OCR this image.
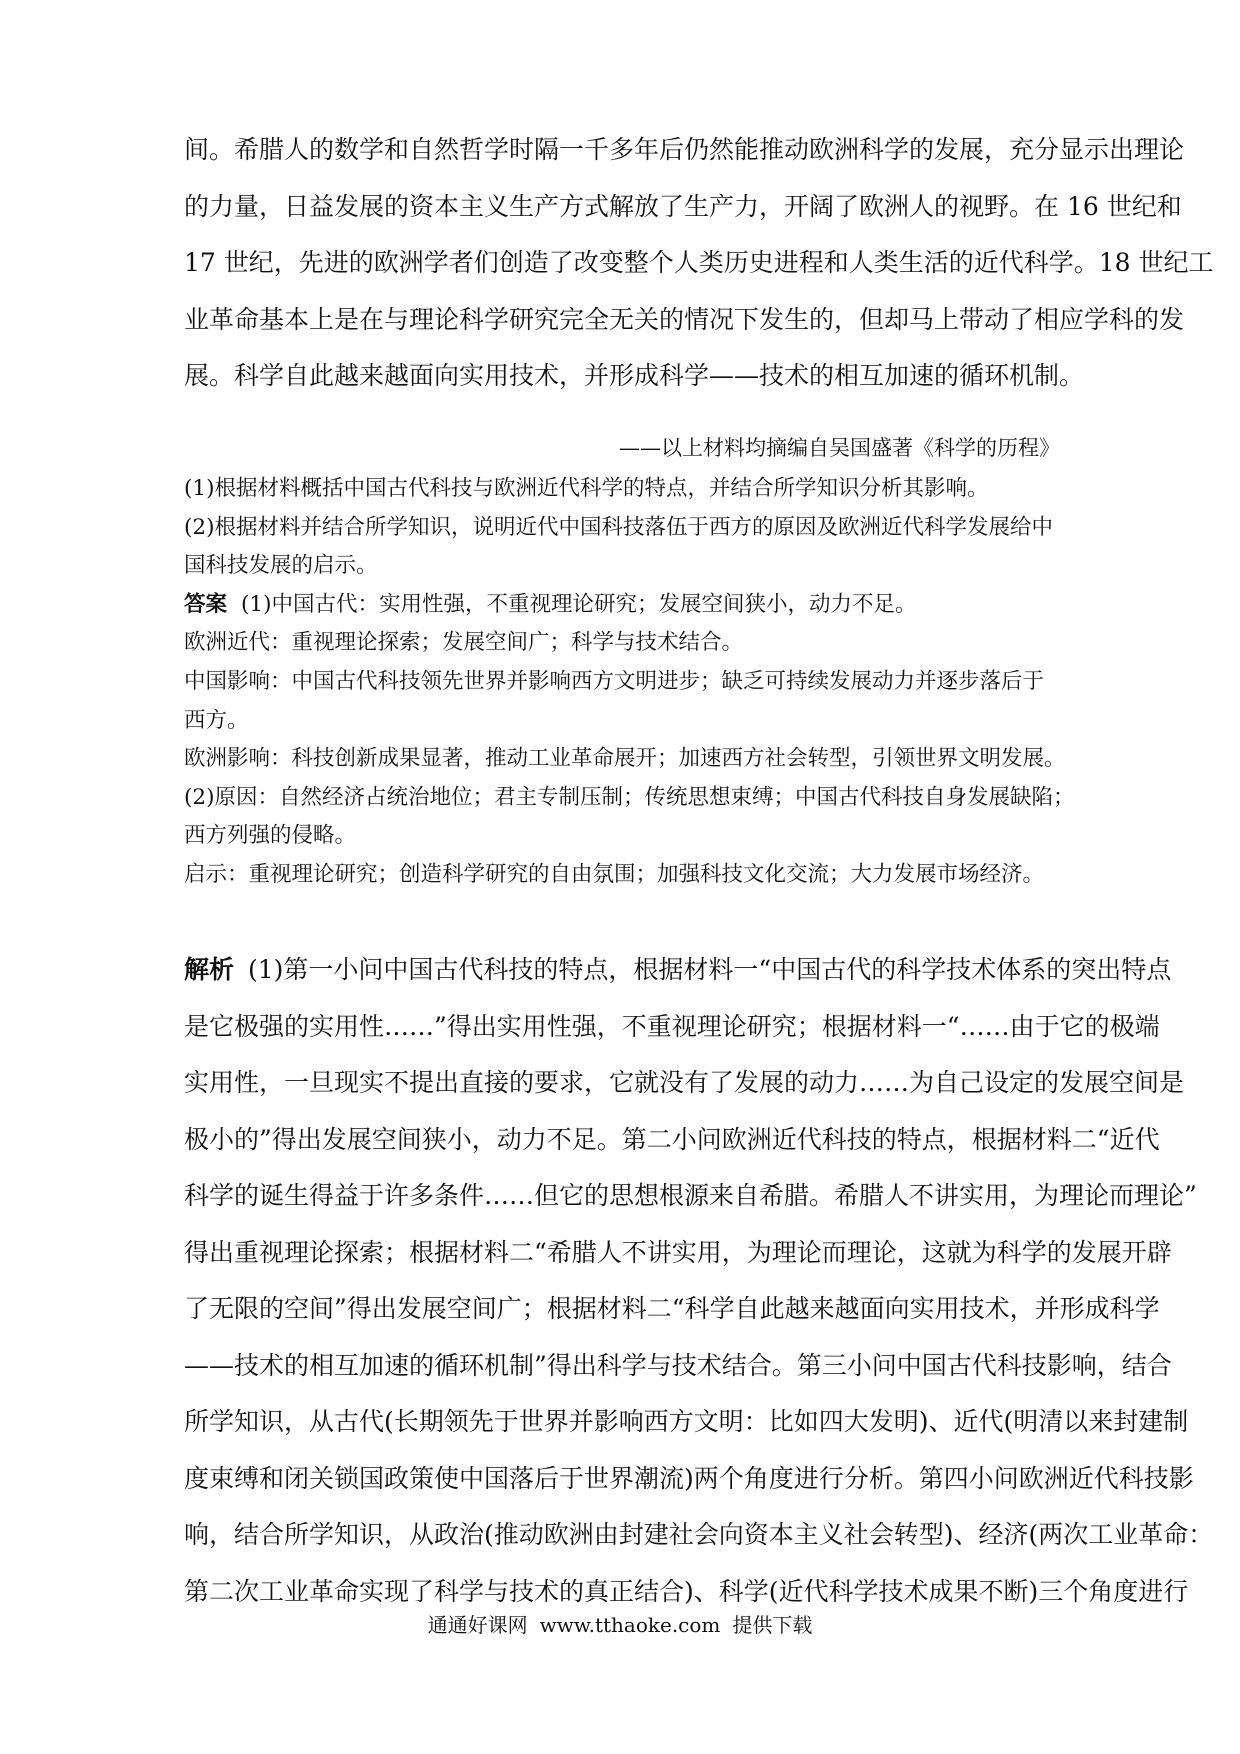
间。希腊人的数学和自然哲学时隔一千多年后仍然能推动欧洲科学的发展，充分显示出理论
的力量，日益发展的资本主义生产方式解放了生产力，开阔了欧洲人的视野。在 16 世纪和
17 世纪，先进的欧洲学者们创造了改变整个人类历史进程和人类生活的近代科学。18 世纪工
业革命基本上是在与理论科学研究完全无关的情况下发生的，但却马上带动了相应学科的发
展。科学自此越来越面向实用技术，并形成科学——技术的相互加速的循环机制。
——以上材料均摘编自吴国盛著《科学的历程》
(1)根据材料概括中国古代科技与欧洲近代科学的特点，并结合所学知识分析其影响。
(2)根据材料并结合所学知识，说明近代中国科技落伍于西方的原因及欧洲近代科学发展给中
国科技发展的启示。
答案 (1)中国古代：实用性强，不重视理论研究；发展空间狭小，动力不足。
欧洲近代：重视理论探索；发展空间广；科学与技术结合。
中国影响：中国古代科技领先世界并影响西方文明进步；缺乏可持续发展动力并逐步落后于
西方。
欧洲影响：科技创新成果显著，推动工业革命展开；加速西方社会转型，引领世界文明发展。
(2)原因：自然经济占统治地位；君主专制压制；传统思想束缚；中国古代科技自身发展缺陷；
西方列强的侵略。
启示：重视理论研究；创造科学研究的自由氛围；加强科技文化交流；大力发展市场经济。
解析 (1)第一小问中国古代科技的特点，根据材料一“中国古代的科学技术体系的突出特点
是它极强的实用性……”得出实用性强，不重视理论研究；根据材料一“……由于它的极端
实用性，一旦现实不提出直接的要求，它就没有了发展的动力……为自己设定的发展空间是
极小的”得出发展空间狭小，动力不足。第二小问欧洲近代科技的特点，根据材料二“近代
科学的诞生得益于许多条件……但它的思想根源来自希腊。希腊人不讲实用，为理论而理论”
得出重视理论探索；根据材料二“希腊人不讲实用，为理论而理论，这就为科学的发展开辟
了无限的空间”得出发展空间广；根据材料二“科学自此越来越面向实用技术，并形成科学
——技术的相互加速的循环机制”得出科学与技术结合。第三小问中国古代科技影响，结合
所学知识，从古代(长期领先于世界并影响西方文明：比如四大发明)、近代(明清以来封建制
度束缚和闭关锁国政策使中国落后于世界潮流)两个角度进行分析。第四小问欧洲近代科技影
响，结合所学知识，从政治(推动欧洲由封建社会向资本主义社会转型)、经济(两次工业革命：
第二次工业革命实现了科学与技术的真正结合)、科学(近代科学技术成果不断)三个角度进行
通通好课网 www.tthaoke.com 提供下载
